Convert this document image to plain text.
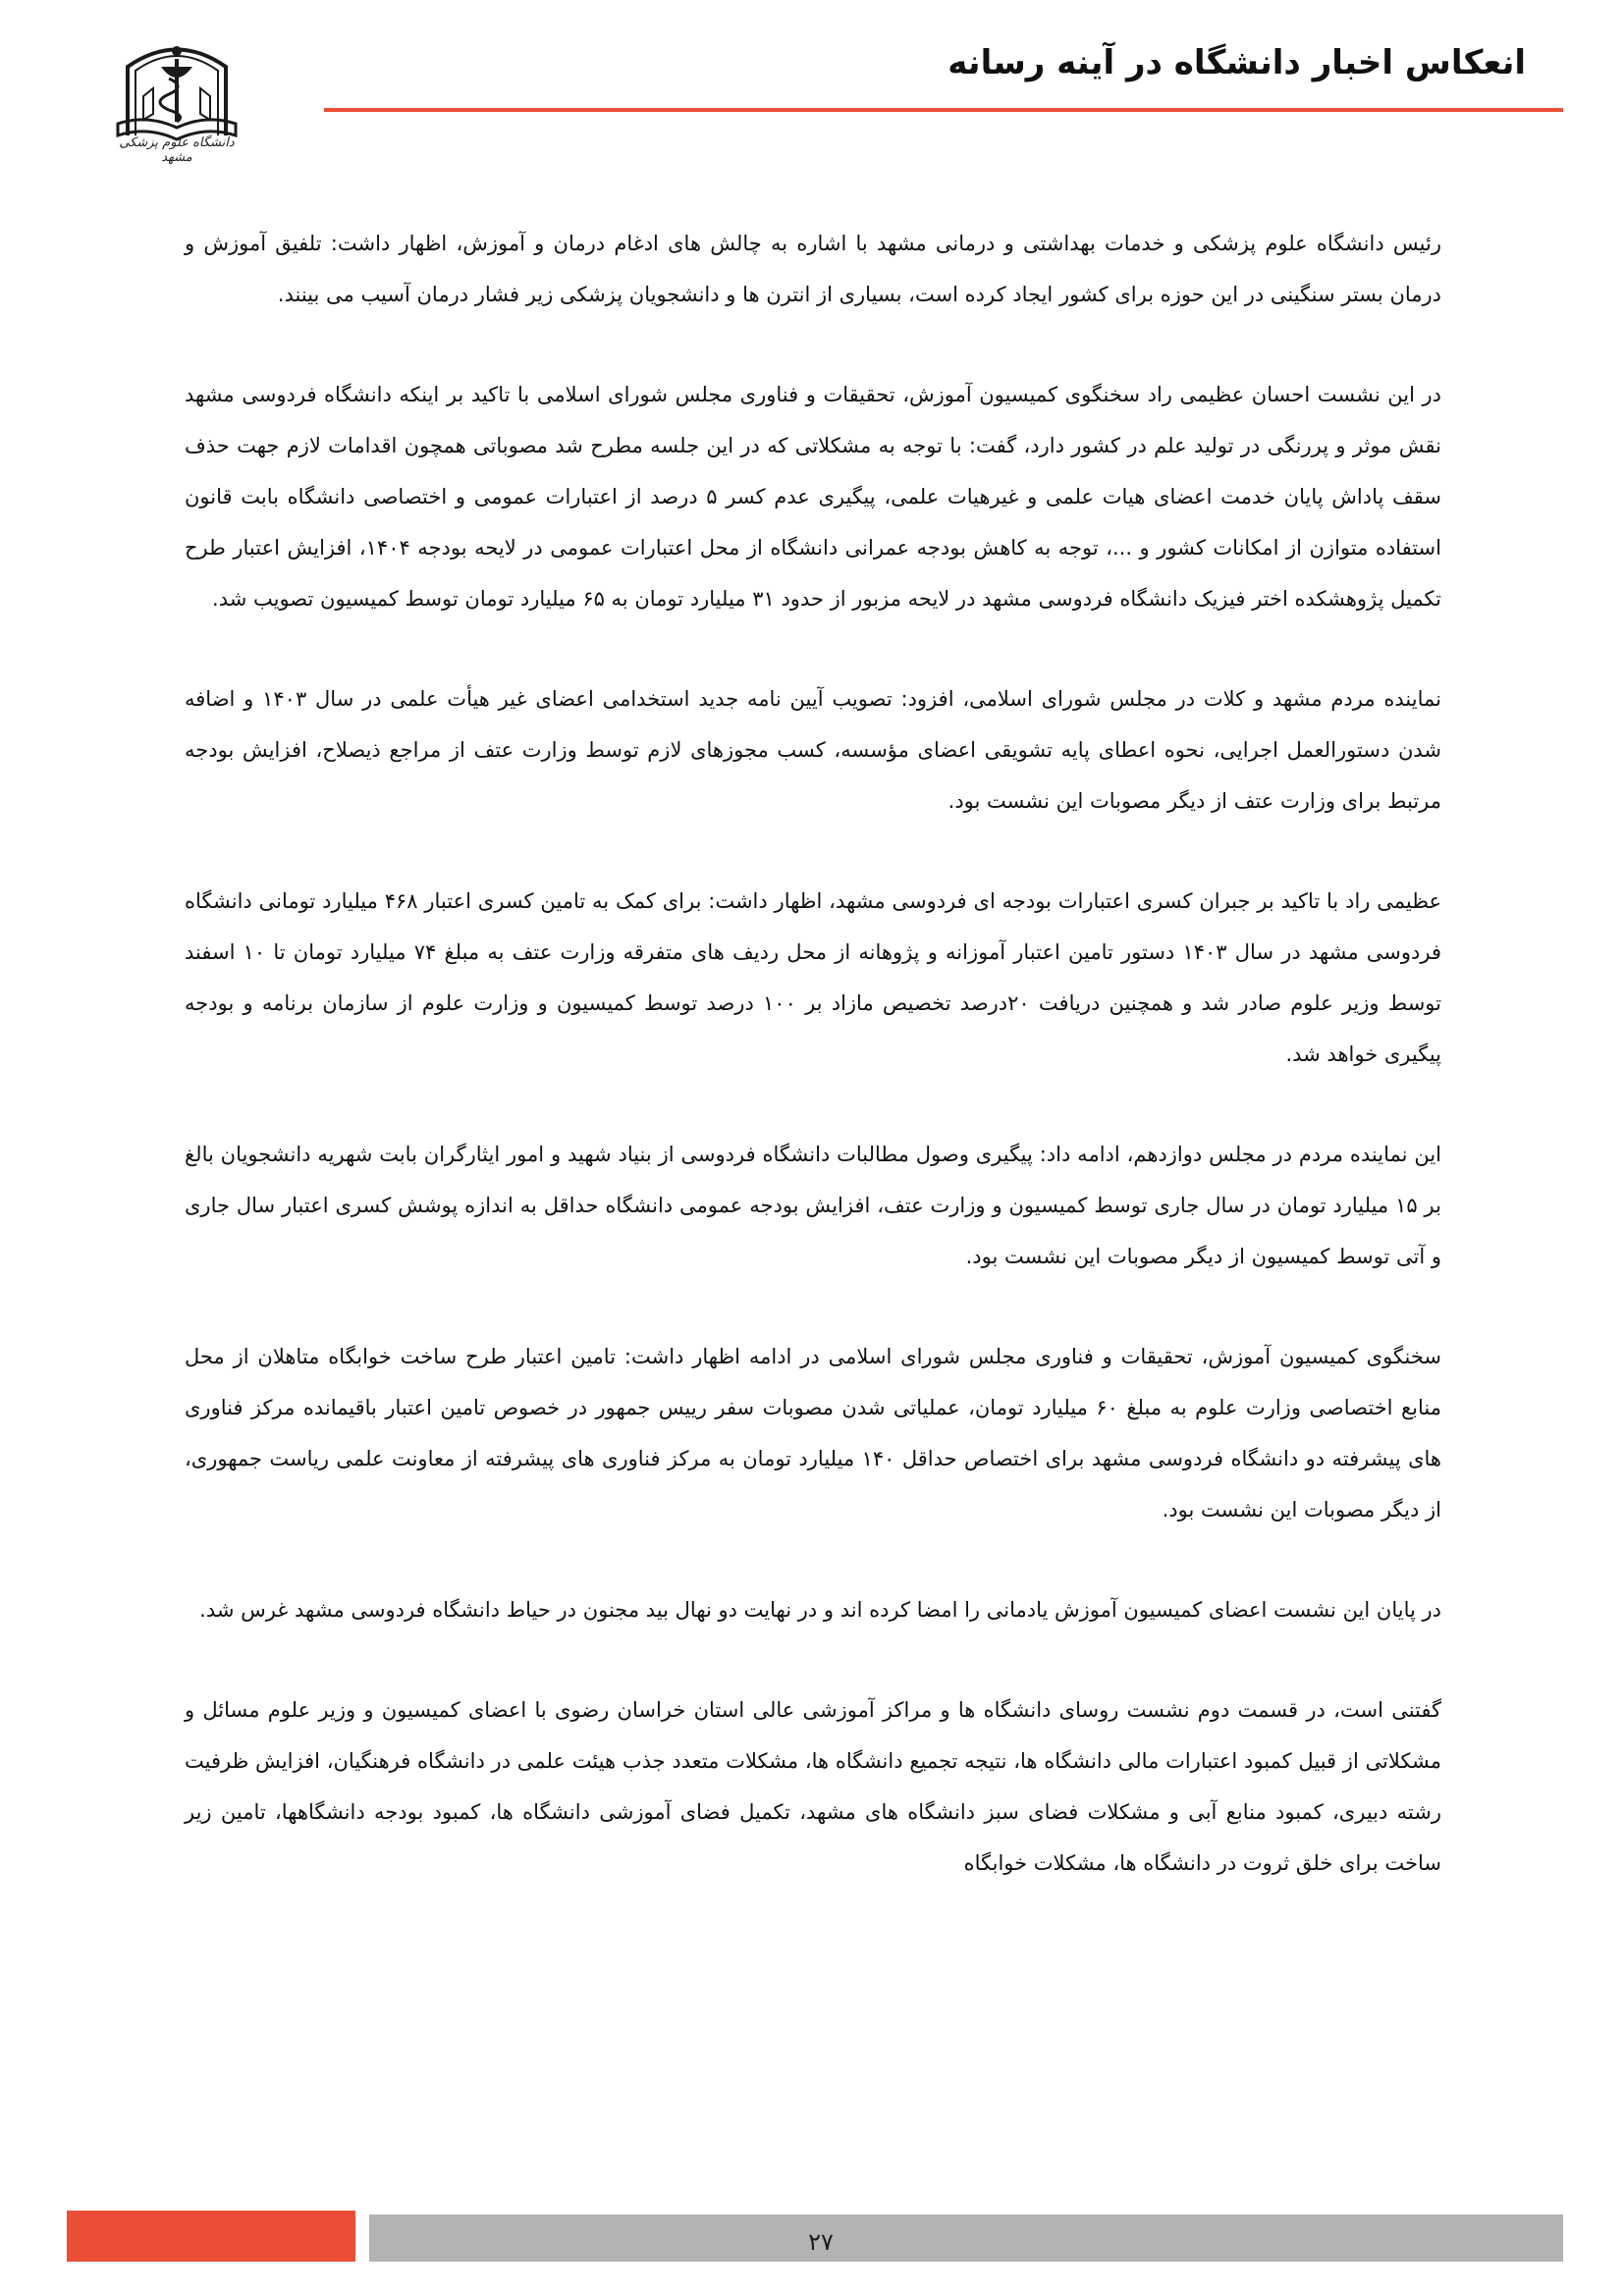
دانشگاه علوم پزشکی مشهد
انعکاس اخبار دانشگاه در آینه رسانه

رئیس دانشگاه علوم پزشکی و خدمات بهداشتی و درمانی مشهد با اشاره به چالش های ادغام درمان و آموزش، اظهار داشت: تلفیق آموزش و درمان بستر سنگینی در این حوزه برای کشور ایجاد کرده است، بسیاری از انترن ها و دانشجویان پزشکی زیر فشار درمان آسیب می بینند.

در این نشست احسان عظیمی راد سخنگوی کمیسیون آموزش، تحقیقات و فناوری مجلس شورای اسلامی با تاکید بر اینکه دانشگاه فردوسی مشهد نقش موثر و پررنگی در تولید علم در کشور دارد، گفت: با توجه به مشکلاتی که در این جلسه مطرح شد مصوباتی همچون اقدامات لازم جهت حذف سقف پاداش پایان خدمت اعضای هیات علمی و غیرهیات علمی، پیگیری عدم کسر ۵ درصد از اعتبارات عمومی و اختصاصی دانشگاه بابت قانون استفاده متوازن از امکانات کشور و ...، توجه به کاهش بودجه عمرانی دانشگاه از محل اعتبارات عمومی در لایحه بودجه ۱۴۰۴، افزایش اعتبار طرح تکمیل پژوهشکده اختر فیزیک دانشگاه فردوسی مشهد در لایحه مزبور از حدود ۳۱ میلیارد تومان به ۶۵ میلیارد تومان توسط کمیسیون تصویب شد.

نماینده مردم مشهد و کلات در مجلس شورای اسلامی، افزود: تصویب آیین نامه جدید استخدامی اعضای غیر هیأت علمی در سال ۱۴۰۳ و اضافه شدن دستورالعمل اجرایی، نحوه اعطای پایه تشویقی اعضای مؤسسه، کسب مجوزهای لازم توسط وزارت عتف از مراجع ذیصلاح، افزایش بودجه مرتبط برای وزارت عتف از دیگر مصوبات این نشست بود.

عظیمی راد با تاکید بر جبران کسری اعتبارات بودجه ای فردوسی مشهد، اظهار داشت: برای کمک به تامین کسری اعتبار ۴۶۸ میلیارد تومانی دانشگاه فردوسی مشهد در سال ۱۴۰۳ دستور تامین اعتبار آموزانه و پژوهانه از محل ردیف های متفرقه وزارت عتف به مبلغ ۷۴ میلیارد تومان تا ۱۰ اسفند توسط وزیر علوم صادر شد و همچنین دریافت ۲۰درصد تخصیص مازاد بر ۱۰۰ درصد توسط کمیسیون و وزارت علوم از سازمان برنامه و بودجه پیگیری خواهد شد.

این نماینده مردم در مجلس دوازدهم، ادامه داد: پیگیری وصول مطالبات دانشگاه فردوسی از بنیاد شهید و امور ایثارگران بابت شهریه دانشجویان بالغ بر ۱۵ میلیارد تومان در سال جاری توسط کمیسیون و وزارت عتف، افزایش بودجه عمومی دانشگاه حداقل به اندازه پوشش کسری اعتبار سال جاری و آتی توسط کمیسیون از دیگر مصوبات این نشست بود.

سخنگوی کمیسیون آموزش، تحقیقات و فناوری مجلس شورای اسلامی در ادامه اظهار داشت: تامین اعتبار طرح ساخت خوابگاه متاهلان از محل منابع اختصاصی وزارت علوم به مبلغ ۶۰ میلیارد تومان، عملیاتی شدن مصوبات سفر رییس جمهور در خصوص تامین اعتبار باقیمانده مرکز فناوری های پیشرفته دو دانشگاه فردوسی مشهد برای اختصاص حداقل ۱۴۰ میلیارد تومان به مرکز فناوری های پیشرفته از معاونت علمی ریاست جمهوری، از دیگر مصوبات این نشست بود.

در پایان این نشست اعضای کمیسیون آموزش یادمانی را امضا کرده اند و در نهایت دو نهال بید مجنون در حیاط دانشگاه فردوسی مشهد غرس شد.

گفتنی است، در قسمت دوم نشست روسای دانشگاه ها و مراکز آموزشی عالی استان خراسان رضوی با اعضای کمیسیون و وزیر علوم مسائل و مشکلاتی از قبیل کمبود اعتبارات مالی دانشگاه ها، نتیجه تجمیع دانشگاه ها، مشکلات متعدد جذب هیئت علمی در دانشگاه فرهنگیان، افزایش ظرفیت رشته دبیری، کمبود منابع آبی و مشکلات فضای سبز دانشگاه های مشهد، تکمیل فضای آموزشی دانشگاه ها، کمبود بودجه دانشگاهها، تامین زیر ساخت برای خلق ثروت در دانشگاه ها، مشکلات خوابگاه

۲۷
